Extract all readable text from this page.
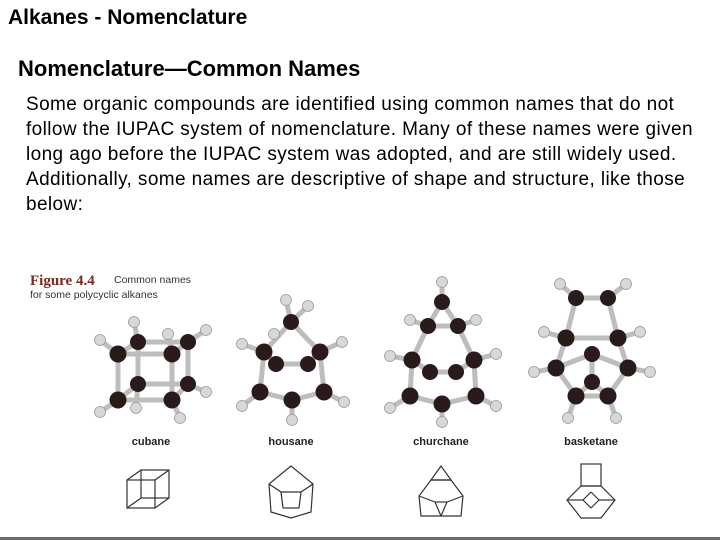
Alkanes - Nomenclature
Nomenclature—Common Names
Some organic compounds are identified using common names that do not follow the IUPAC system of nomenclature. Many of these names were given long ago before the IUPAC system was adopted, and are still widely used. Additionally, some names are descriptive of shape and structure, like those below:
Figure 4.4 Common names
for some polycyclic alkanes
cubane	housane	churchane	basketane
